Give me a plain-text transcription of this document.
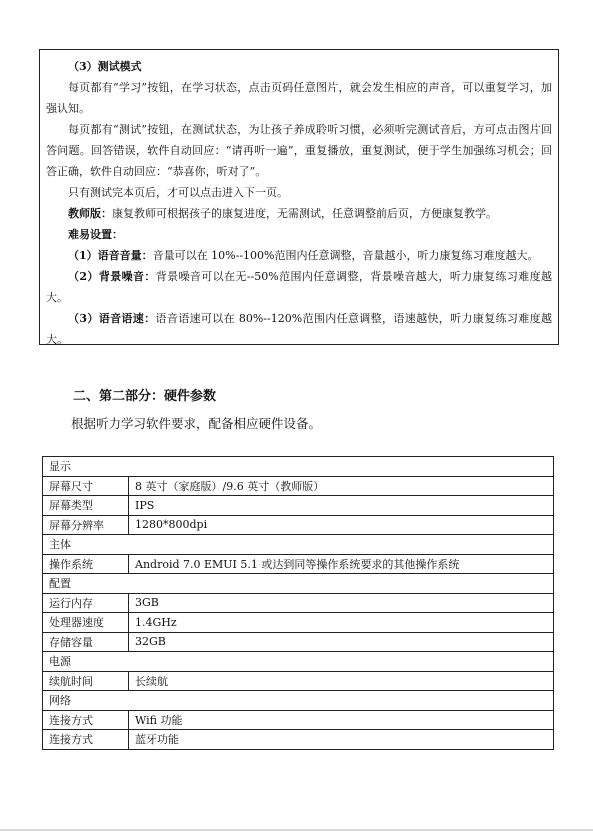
（3）测试模式

每页都有“学习”按钮，在学习状态，点击页码任意图片，就会发生相应的声音，可以重复学习，加强认知。

每页都有“测试”按钮，在测试状态，为让孩子养成聆听习惯，必须听完测试音后，方可点击图片回答问题。回答错误，软件自动回应：“请再听一遍”，重复播放，重复测试，便于学生加强练习机会；回答正确，软件自动回应：“恭喜你，听对了”。

只有测试完本页后，才可以点击进入下一页。

教师版：康复教师可根据孩子的康复进度，无需测试，任意调整前后页，方便康复教学。

难易设置：

（1）语音音量：音量可以在 10%--100%范围内任意调整，音量越小，听力康复练习难度越大。

（2）背景噪音：背景噪音可以在无--50%范围内任意调整，背景噪音越大，听力康复练习难度越大。

（3）语音语速：语音语速可以在 80%--120%范围内任意调整，语速越快，听力康复练习难度越大。

二、第二部分：硬件参数
根据听力学习软件要求，配备相应硬件设备。
显示	
屏幕尺寸	8 英寸（家庭版）/9.6 英寸（教师版）
屏幕类型	IPS
屏幕分辨率	1280*800dpi
主体	
操作系统	Android 7.0 EMUI 5.1 或达到同等操作系统要求的其他操作系统
配置	
运行内存	3GB
处理器速度	1.4GHz
存储容量	32GB
电源	
续航时间	长续航
网络	
连接方式	Wifi 功能
连接方式	蓝牙功能
